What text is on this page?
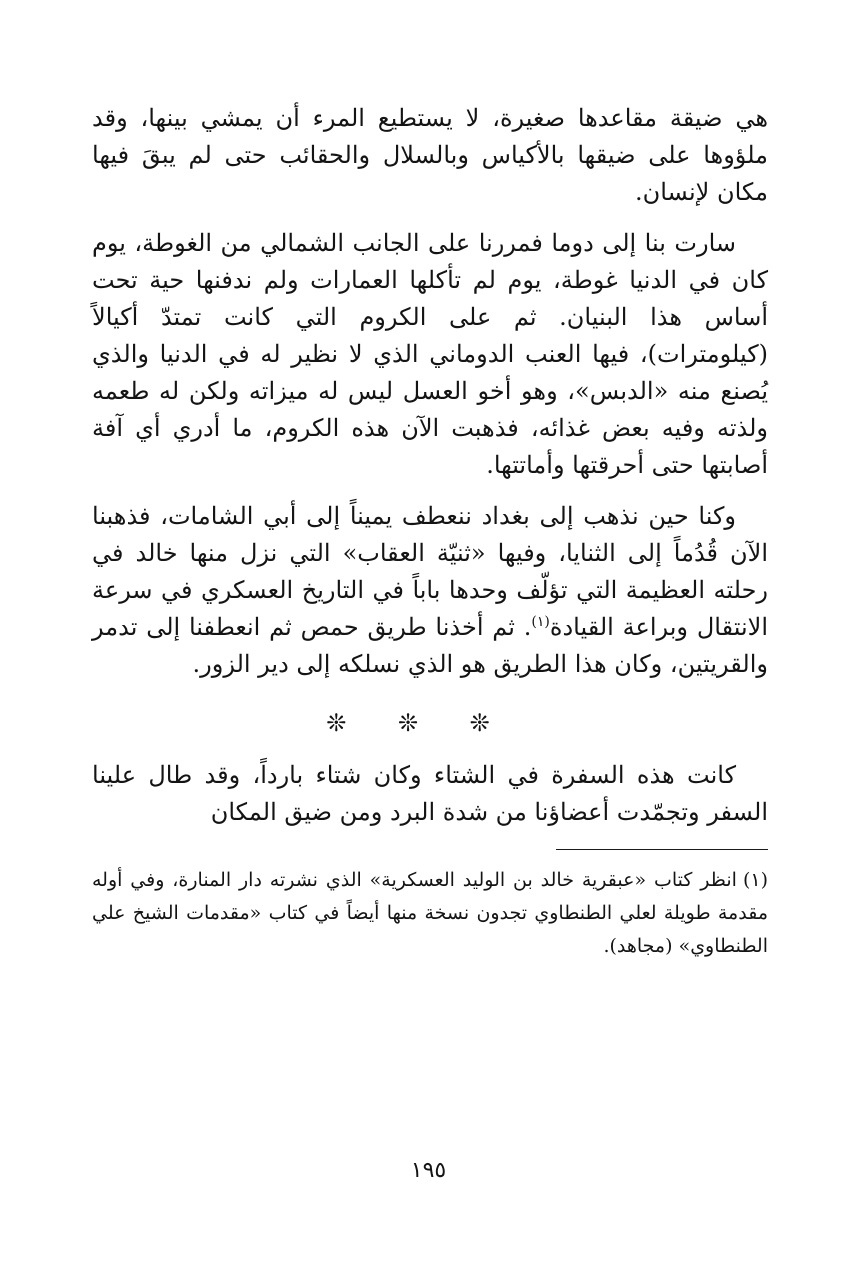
هي ضيقة مقاعدها صغيرة، لا يستطيع المرء أن يمشي بينها، وقد ملؤوها على ضيقها بالأكياس وبالسلال والحقائب حتى لم يبقَ فيها مكان لإنسان.

سارت بنا إلى دوما فمررنا على الجانب الشمالي من الغوطة، يوم كان في الدنيا غوطة، يوم لم تأكلها العمارات ولم ندفنها حية تحت أساس هذا البنيان. ثم على الكروم التي كانت تمتدّ أكيالاً (كيلومترات)، فيها العنب الدوماني الذي لا نظير له في الدنيا والذي يُصنع منه «الدبس»، وهو أخو العسل ليس له ميزاته ولكن له طعمه ولذته وفيه بعض غذائه، فذهبت الآن هذه الكروم، ما أدري أي آفة أصابتها حتى أحرقتها وأماتتها.

وكنا حين نذهب إلى بغداد ننعطف يميناً إلى أبي الشامات، فذهبنا الآن قُدُماً إلى الثنايا، وفيها «ثنيّة العقاب» التي نزل منها خالد في رحلته العظيمة التي تؤلّف وحدها باباً في التاريخ العسكري في سرعة الانتقال وبراعة القيادة$^{(١)}$. ثم أخذنا طريق حمص ثم انعطفنا إلى تدمر والقريتين، وكان هذا الطريق هو الذي نسلكه إلى دير الزور.

❊ ❊ ❊

كانت هذه السفرة في الشتاء وكان شتاء بارداً، وقد طال علينا السفر وتجمّدت أعضاؤنا من شدة البرد ومن ضيق المكان

(١)انظر كتاب «عبقرية خالد بن الوليد العسكرية» الذي نشرته دار المنارة، وفي أوله مقدمة طويلة لعلي الطنطاوي تجدون نسخة منها أيضاً في كتاب «مقدمات الشيخ علي الطنطاوي» (مجاهد).

١٩٥
